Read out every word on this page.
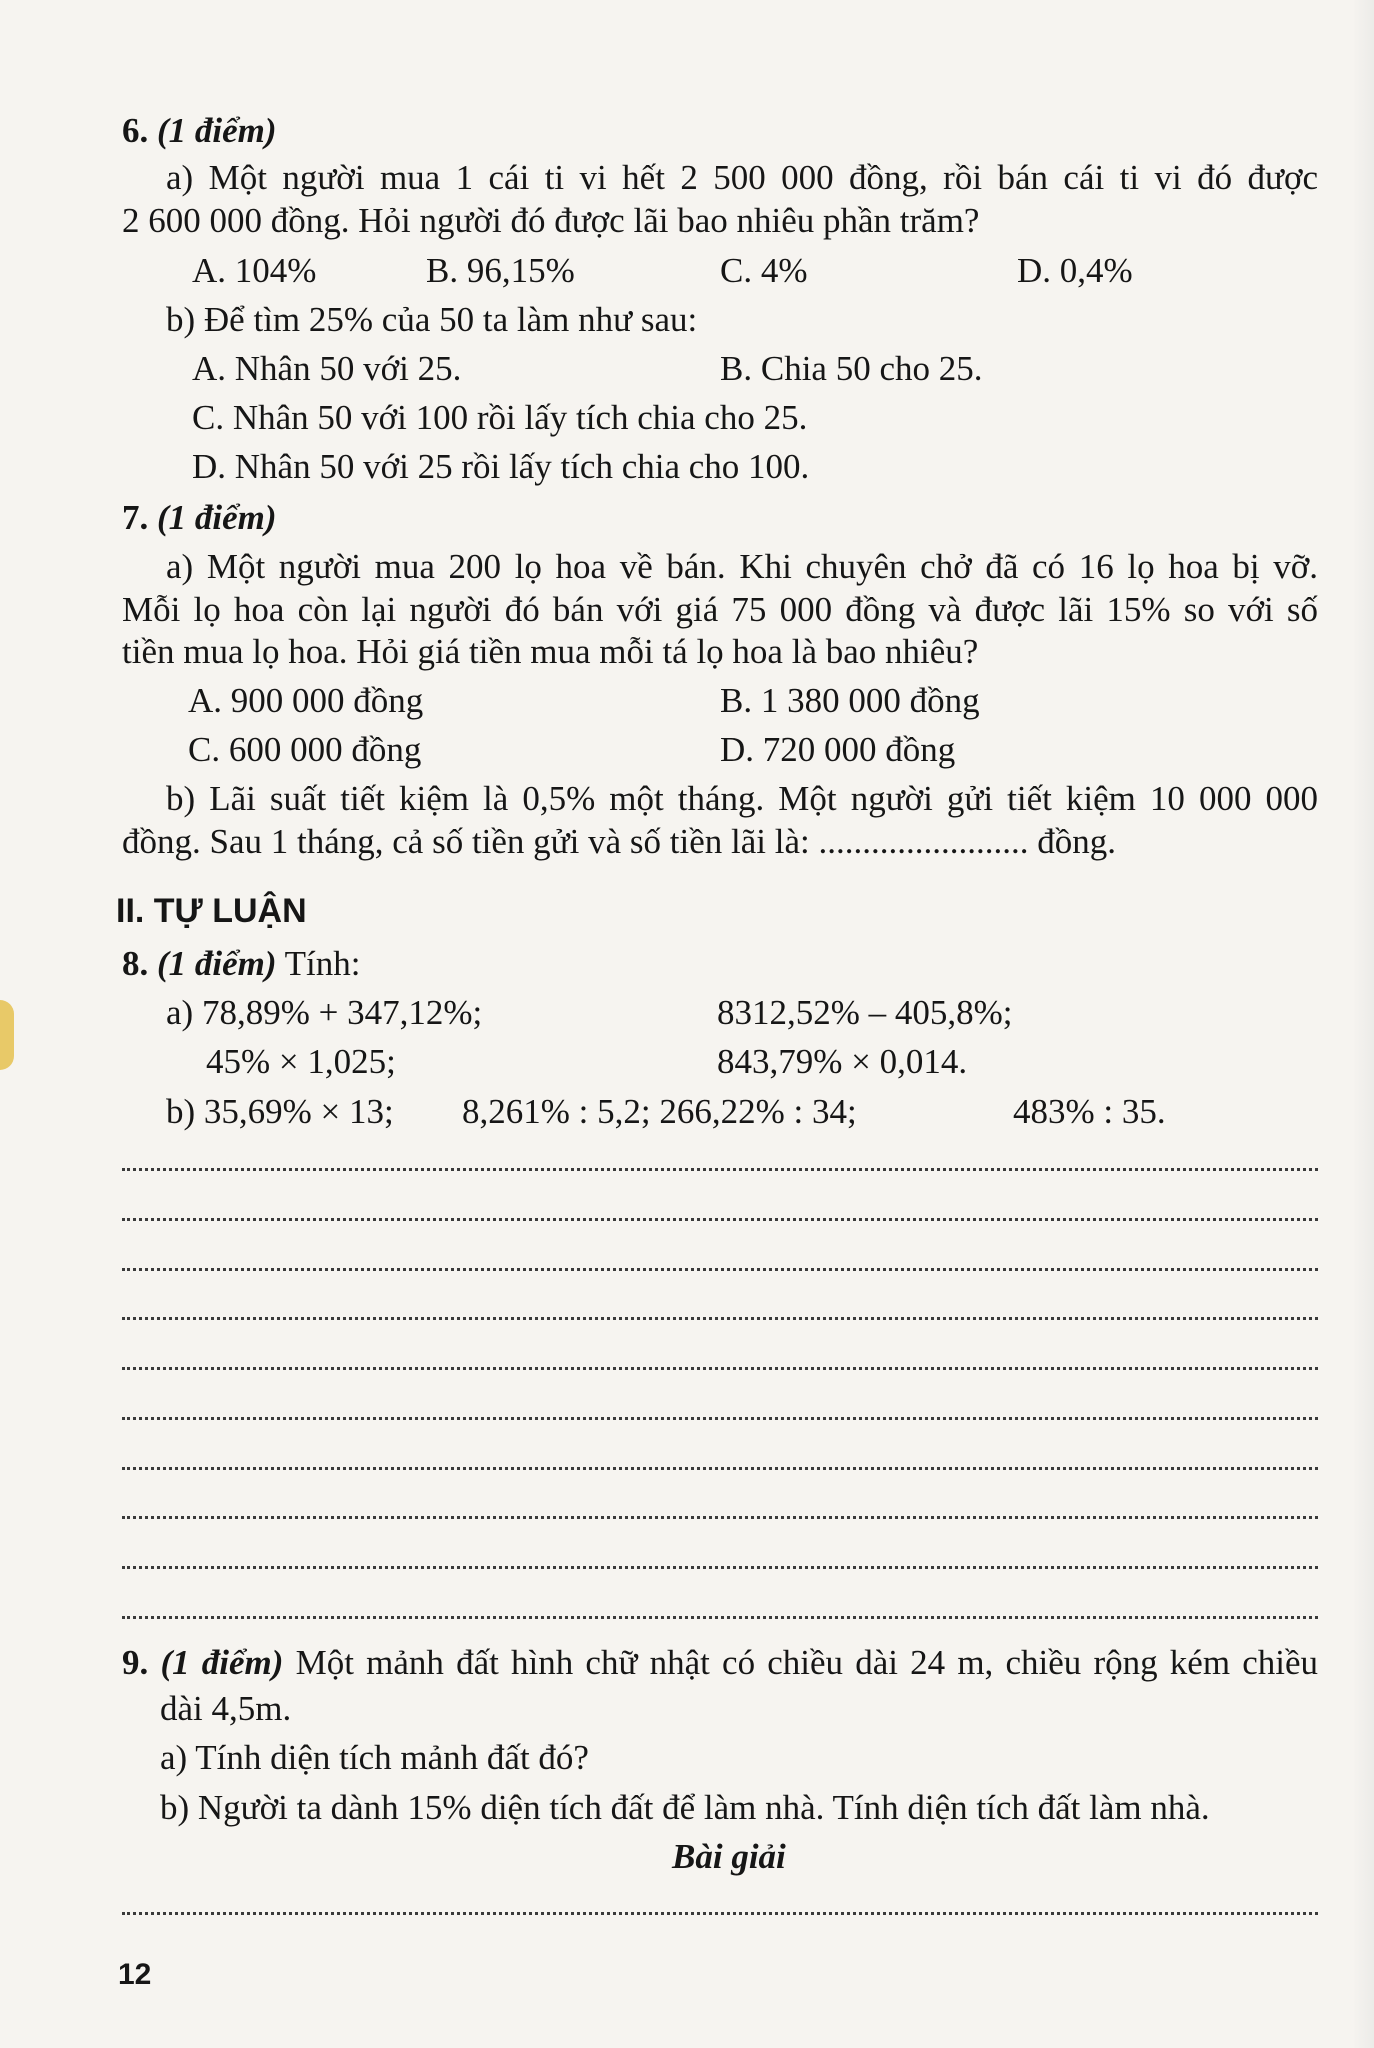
6. (1 điểm)
a) Một người mua 1 cái ti vi hết 2 500 000 đồng, rồi bán cái ti vi đó được
2 600 000 đồng. Hỏi người đó được lãi bao nhiêu phần trăm?
A. 104%	B. 96,15%	C. 4%	D. 0,4%
b) Để tìm 25% của 50 ta làm như sau:
A. Nhân 50 với 25.	B. Chia 50 cho 25.
C. Nhân 50 với 100 rồi lấy tích chia cho 25.
D. Nhân 50 với 25 rồi lấy tích chia cho 100.
7. (1 điểm)
a) Một người mua 200 lọ hoa về bán. Khi chuyên chở đã có 16 lọ hoa bị vỡ.
Mỗi lọ hoa còn lại người đó bán với giá 75 000 đồng và được lãi 15% so với số
tiền mua lọ hoa. Hỏi giá tiền mua mỗi tá lọ hoa là bao nhiêu?
A. 900 000 đồng	B. 1 380 000 đồng
C. 600 000 đồng	D. 720 000 đồng
b) Lãi suất tiết kiệm là 0,5% một tháng. Một người gửi tiết kiệm 10 000 000
đồng. Sau 1 tháng, cả số tiền gửi và số tiền lãi là: ........................ đồng.
II. TỰ LUẬN
8. (1 điểm) Tính:
a) 78,89% + 347,12%;	8312,52% – 405,8%;
45% × 1,025;	843,79% × 0,014.
b) 35,69% × 13; 8,261% : 5,2; 266,22% : 34;	483% : 35.
9. (1 điểm) Một mảnh đất hình chữ nhật có chiều dài 24 m, chiều rộng kém chiều
dài 4,5m.
a) Tính diện tích mảnh đất đó?
b) Người ta dành 15% diện tích đất để làm nhà. Tính diện tích đất làm nhà.
Bài giải
12
